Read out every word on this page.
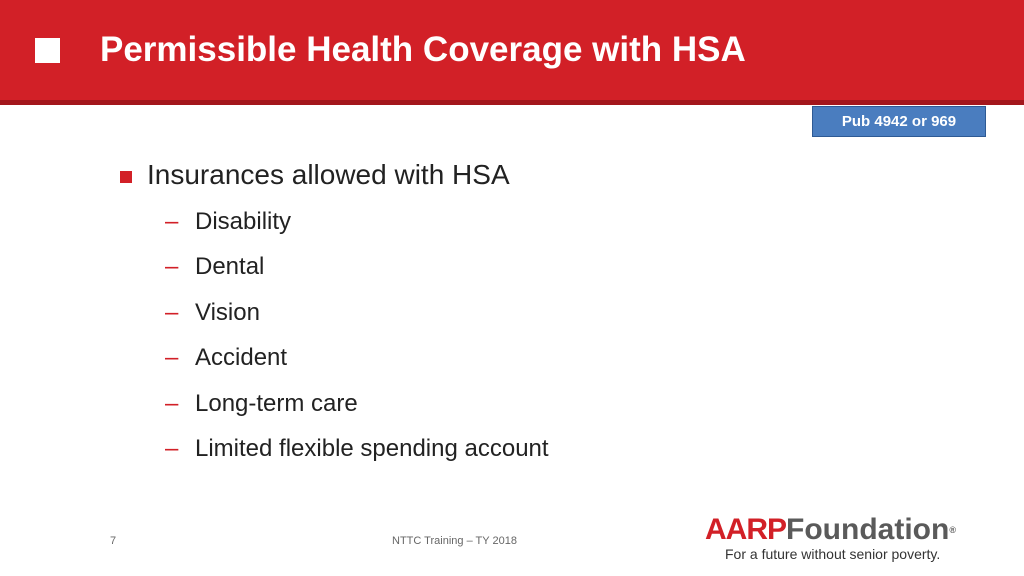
Permissible Health Coverage with HSA
Pub 4942 or 969
Insurances allowed with HSA
– Disability
– Dental
– Vision
– Accident
– Long-term care
– Limited flexible spending account
7	NTTC Training – TY 2018	AARPFoundation®
For a future without senior poverty.
